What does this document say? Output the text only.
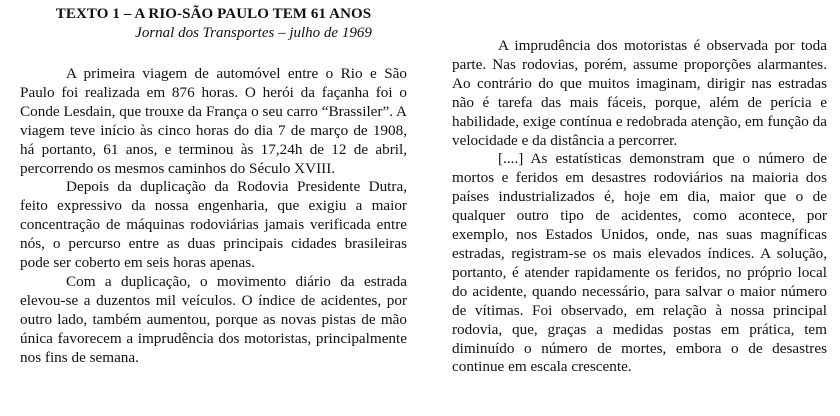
TEXTO 1 – A RIO-SÃO PAULO TEM 61 ANOS
Jornal dos Transportes – julho de 1969

A primeira viagem de automóvel entre o Rio e São Paulo foi realizada em 876 horas. O herói da façanha foi o Conde Lesdain, que trouxe da França o seu carro “Brassiler”. A viagem teve início às cinco horas do dia 7 de março de 1908, há portanto, 61 anos, e terminou às 17,24h de 12 de abril, percorrendo os mesmos caminhos do Século XVIII.

Depois da duplicação da Rodovia Presidente Dutra, feito expressivo da nossa engenharia, que exigiu a maior concentração de máquinas rodoviárias jamais verificada entre nós, o percurso entre as duas principais cidades brasileiras pode ser coberto em seis horas apenas.

Com a duplicação, o movimento diário da estrada elevou-se a duzentos mil veículos. O índice de acidentes, por outro lado, também aumentou, porque as novas pistas de mão única favorecem a imprudência dos motoristas, principalmente nos fins de semana.

A imprudência dos motoristas é observada por toda parte. Nas rodovias, porém, assume proporções alarmantes. Ao contrário do que muitos imaginam, dirigir nas estradas não é tarefa das mais fáceis, porque, além de perícia e habilidade, exige contínua e redobrada atenção, em função da velocidade e da distância a percorrer.

[....] As estatísticas demonstram que o número de mortos e feridos em desastres rodoviários na maioria dos países industrializados é, hoje em dia, maior que o de qualquer outro tipo de acidentes, como acontece, por exemplo, nos Estados Unidos, onde, nas suas magníficas estradas, registram-se os mais elevados índices. A solução, portanto, é atender rapidamente os feridos, no próprio local do acidente, quando necessário, para salvar o maior número de vítimas. Foi observado, em relação à nossa principal rodovia, que, graças a medidas postas em prática, tem diminuído o número de mortes, embora o de desastres continue em escala crescente.
